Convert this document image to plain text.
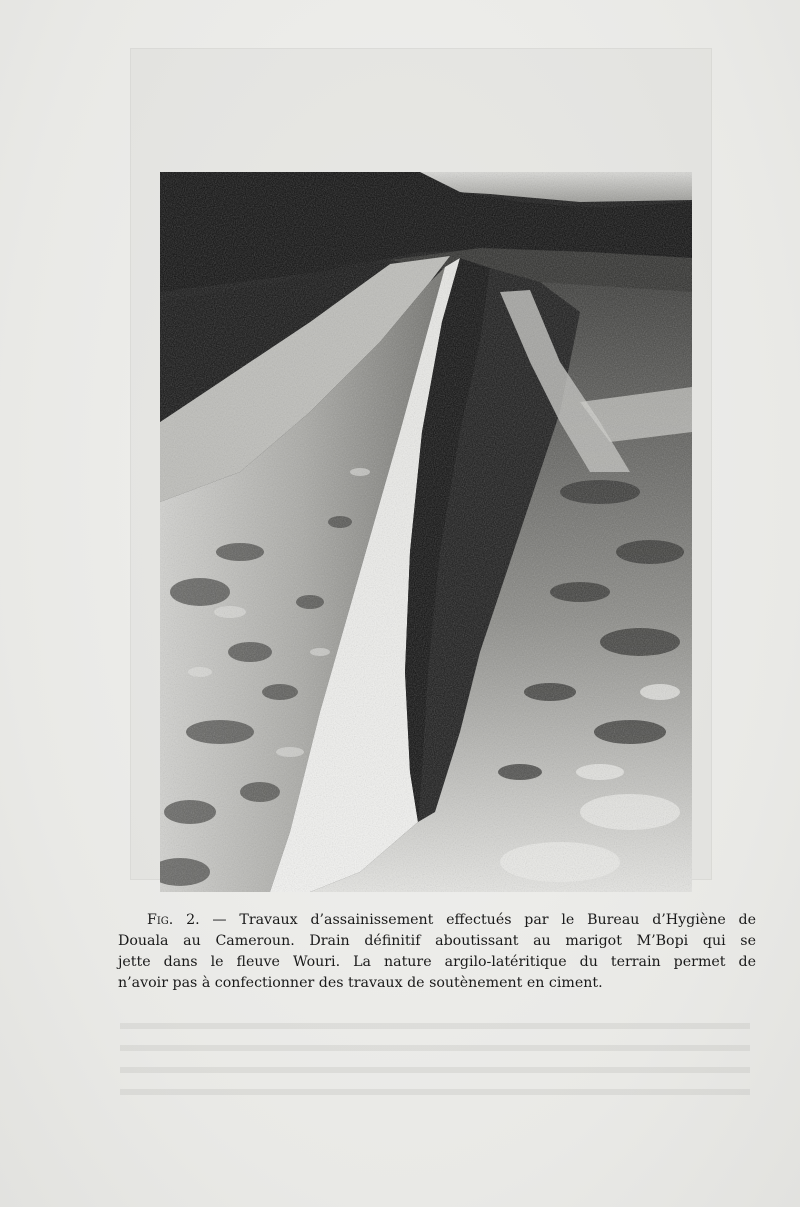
Fig. 2. — Travaux d’assainissement effectués par le Bureau d’Hygiène de
Douala au Cameroun. Drain définitif aboutissant au marigot M’Bopi qui se
jette dans le fleuve Wouri. La nature argilo-latéritique du terrain permet de
n’avoir pas à confectionner des travaux de soutènement en ciment.
